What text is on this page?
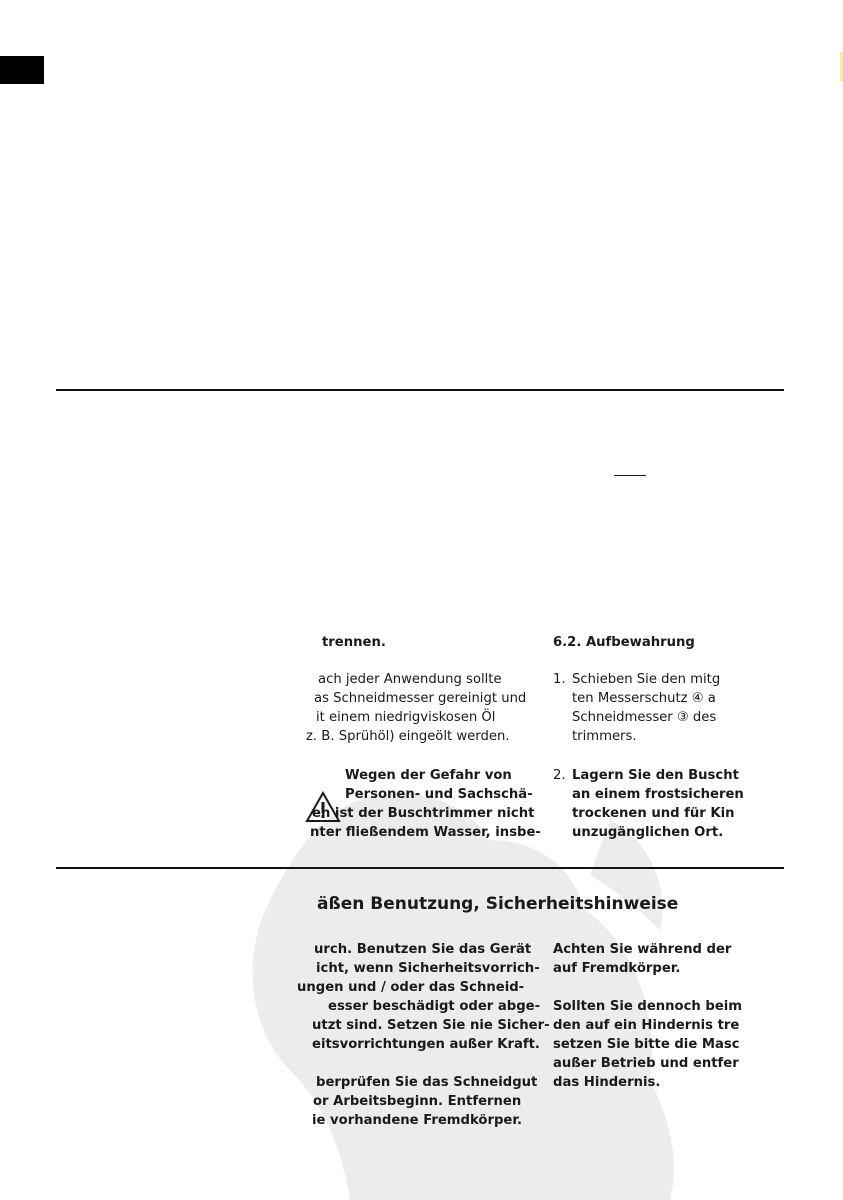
trennen.
ach jeder Anwendung sollte
as Schneidmesser gereinigt und
it einem niedrigviskosen Öl
z. B. Sprühöl) eingeölt werden.
Wegen der Gefahr von
Personen- und Sachschä-
en ist der Buschtrimmer nicht
nter fließendem Wasser, insbe-
6.2. Aufbewahrung
1. Schieben Sie den mitg
ten Messerschutz ④ a
Schneidmesser ③ des
trimmers.
2. Lagern Sie den Buscht
an einem frostsicheren
trockenen und für Kin
unzugänglichen Ort.
äßen Benutzung, Sicherheitshinweise
urch. Benutzen Sie das Gerät
icht, wenn Sicherheitsvorrich-
ungen und / oder das Schneid-
esser beschädigt oder abge-
utzt sind. Setzen Sie nie Sicher-
eitsvorrichtungen außer Kraft.
berprüfen Sie das Schneidgut
or Arbeitsbeginn. Entfernen
ie vorhandene Fremdkörper.
Achten Sie während der
auf Fremdkörper.
Sollten Sie dennoch beim
den auf ein Hindernis tre
setzen Sie bitte die Masc
außer Betrieb und entfer
das Hindernis.
